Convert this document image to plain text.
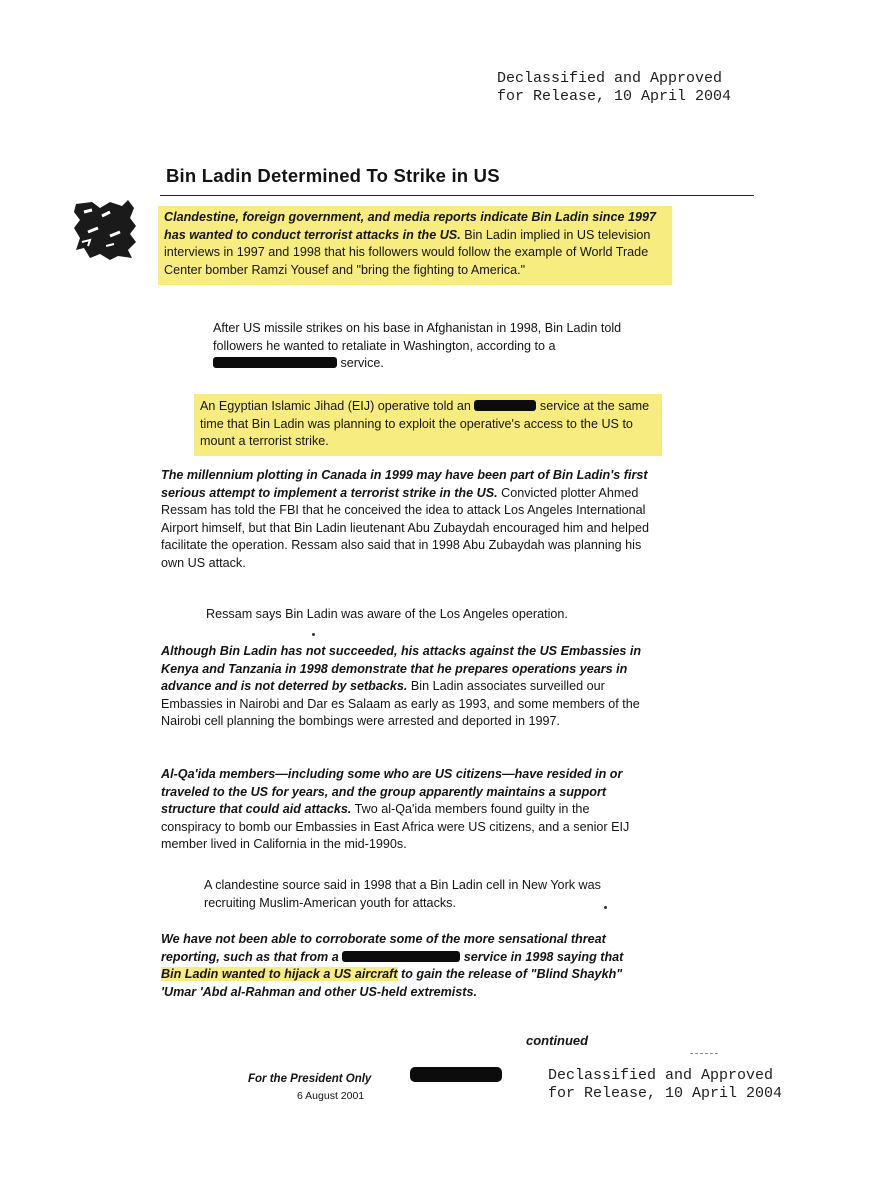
Declassified and Approved
for Release, 10 April 2004
Bin Ladin Determined To Strike in US
Clandestine, foreign government, and media reports indicate Bin Ladin since 1997 has wanted to conduct terrorist attacks in the US. Bin Ladin implied in US television interviews in 1997 and 1998 that his followers would follow the example of World Trade Center bomber Ramzi Yousef and "bring the fighting to America."
After US missile strikes on his base in Afghanistan in 1998, Bin Ladin told followers he wanted to retaliate in Washington, according to a  service.
An Egyptian Islamic Jihad (EIJ) operative told an	service at the same time that Bin Ladin was planning to exploit the operative's access to the US to mount a terrorist strike.
The millennium plotting in Canada in 1999 may have been part of Bin Ladin's first serious attempt to implement a terrorist strike in the US. Convicted plotter Ahmed Ressam has told the FBI that he conceived the idea to attack Los Angeles International Airport himself, but that Bin Ladin lieutenant Abu Zubaydah encouraged him and helped facilitate the operation. Ressam also said that in 1998 Abu Zubaydah was planning his own US attack.
Ressam says Bin Ladin was aware of the Los Angeles operation.
Although Bin Ladin has not succeeded, his attacks against the US Embassies in Kenya and Tanzania in 1998 demonstrate that he prepares operations years in advance and is not deterred by setbacks. Bin Ladin associates surveilled our Embassies in Nairobi and Dar es Salaam as early as 1993, and some members of the Nairobi cell planning the bombings were arrested and deported in 1997.
Al-Qa'ida members—including some who are US citizens—have resided in or traveled to the US for years, and the group apparently maintains a support structure that could aid attacks. Two al-Qa'ida members found guilty in the conspiracy to bomb our Embassies in East Africa were US citizens, and a senior EIJ member lived in California in the mid-1990s.
A clandestine source said in 1998 that a Bin Ladin cell in New York was recruiting Muslim-American youth for attacks.
We have not been able to corroborate some of the more sensational threat reporting, such as that from a	service in 1998 saying that Bin Ladin wanted to hijack a US aircraft to gain the release of "Blind Shaykh" 'Umar 'Abd al-Rahman and other US-held extremists.
continued
For the President Only
6 August 2001
Declassified and Approved
for Release, 10 April 2004
